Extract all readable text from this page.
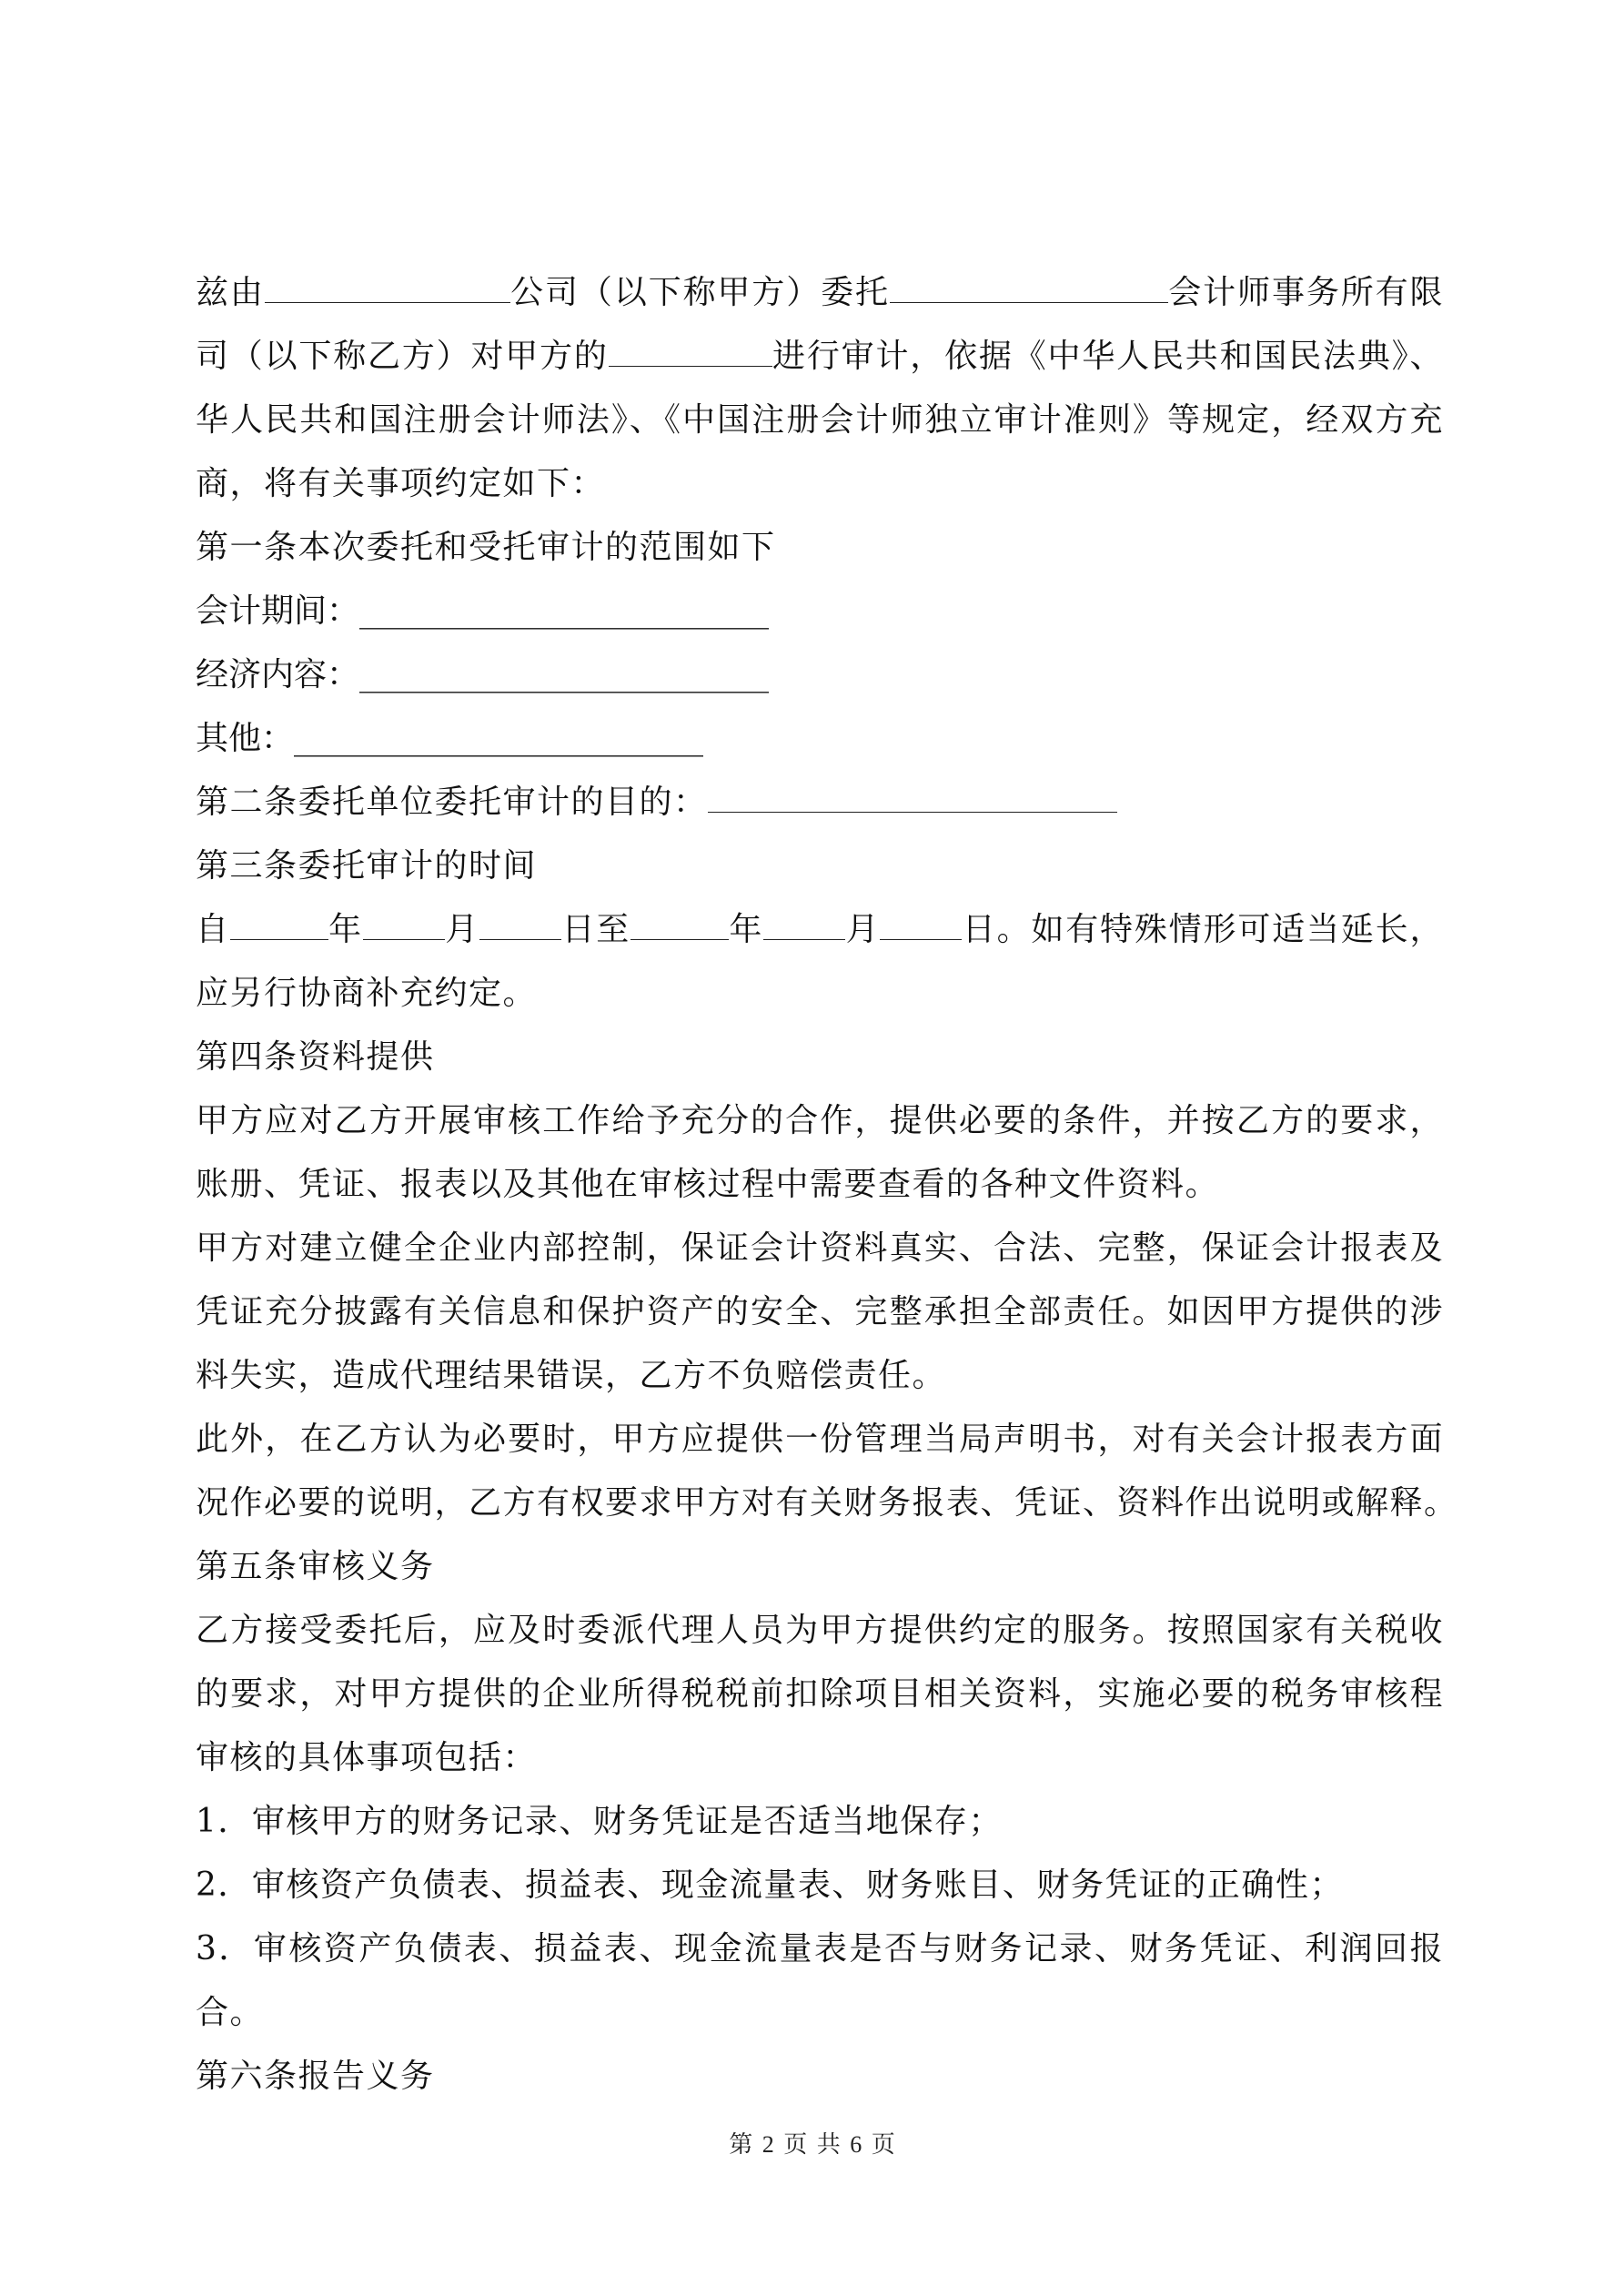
兹由	公司（以下称甲方）委托	会计师事务所有限
司（以下称乙方）对甲方的	进行审计，依据《中华人民共和国民法典》、
华人民共和国注册会计师法》、《中国注册会计师独立审计准则》等规定，经双方充
商，将有关事项约定如下：
第一条本次委托和受托审计的范围如下
会计期间：_________________________
经济内容：_________________________
其他：_________________________
第二条委托单位委托审计的目的：
第三条委托审计的时间
自	年	月	日至	年	月	日。如有特殊情形可适当延长，
应另行协商补充约定。
第四条资料提供
甲方应对乙方开展审核工作给予充分的合作，提供必要的条件，并按乙方的要求，
账册、凭证、报表以及其他在审核过程中需要查看的各种文件资料。
甲方对建立健全企业内部控制，保证会计资料真实、合法、完整，保证会计报表及
凭证充分披露有关信息和保护资产的安全、完整承担全部责任。如因甲方提供的涉
料失实，造成代理结果错误，乙方不负赔偿责任。
此外，在乙方认为必要时，甲方应提供一份管理当局声明书，对有关会计报表方面
况作必要的说明，乙方有权要求甲方对有关财务报表、凭证、资料作出说明或解释。
第五条审核义务
乙方接受委托后，应及时委派代理人员为甲方提供约定的服务。按照国家有关税收
的要求，对甲方提供的企业所得税税前扣除项目相关资料，实施必要的税务审核程
审核的具体事项包括：
1．审核甲方的财务记录、财务凭证是否适当地保存；
2．审核资产负债表、损益表、现金流量表、财务账目、财务凭证的正确性；
3．审核资产负债表、损益表、现金流量表是否与财务记录、财务凭证、利润回报
合。
第六条报告义务
第 2 页 共 6 页
